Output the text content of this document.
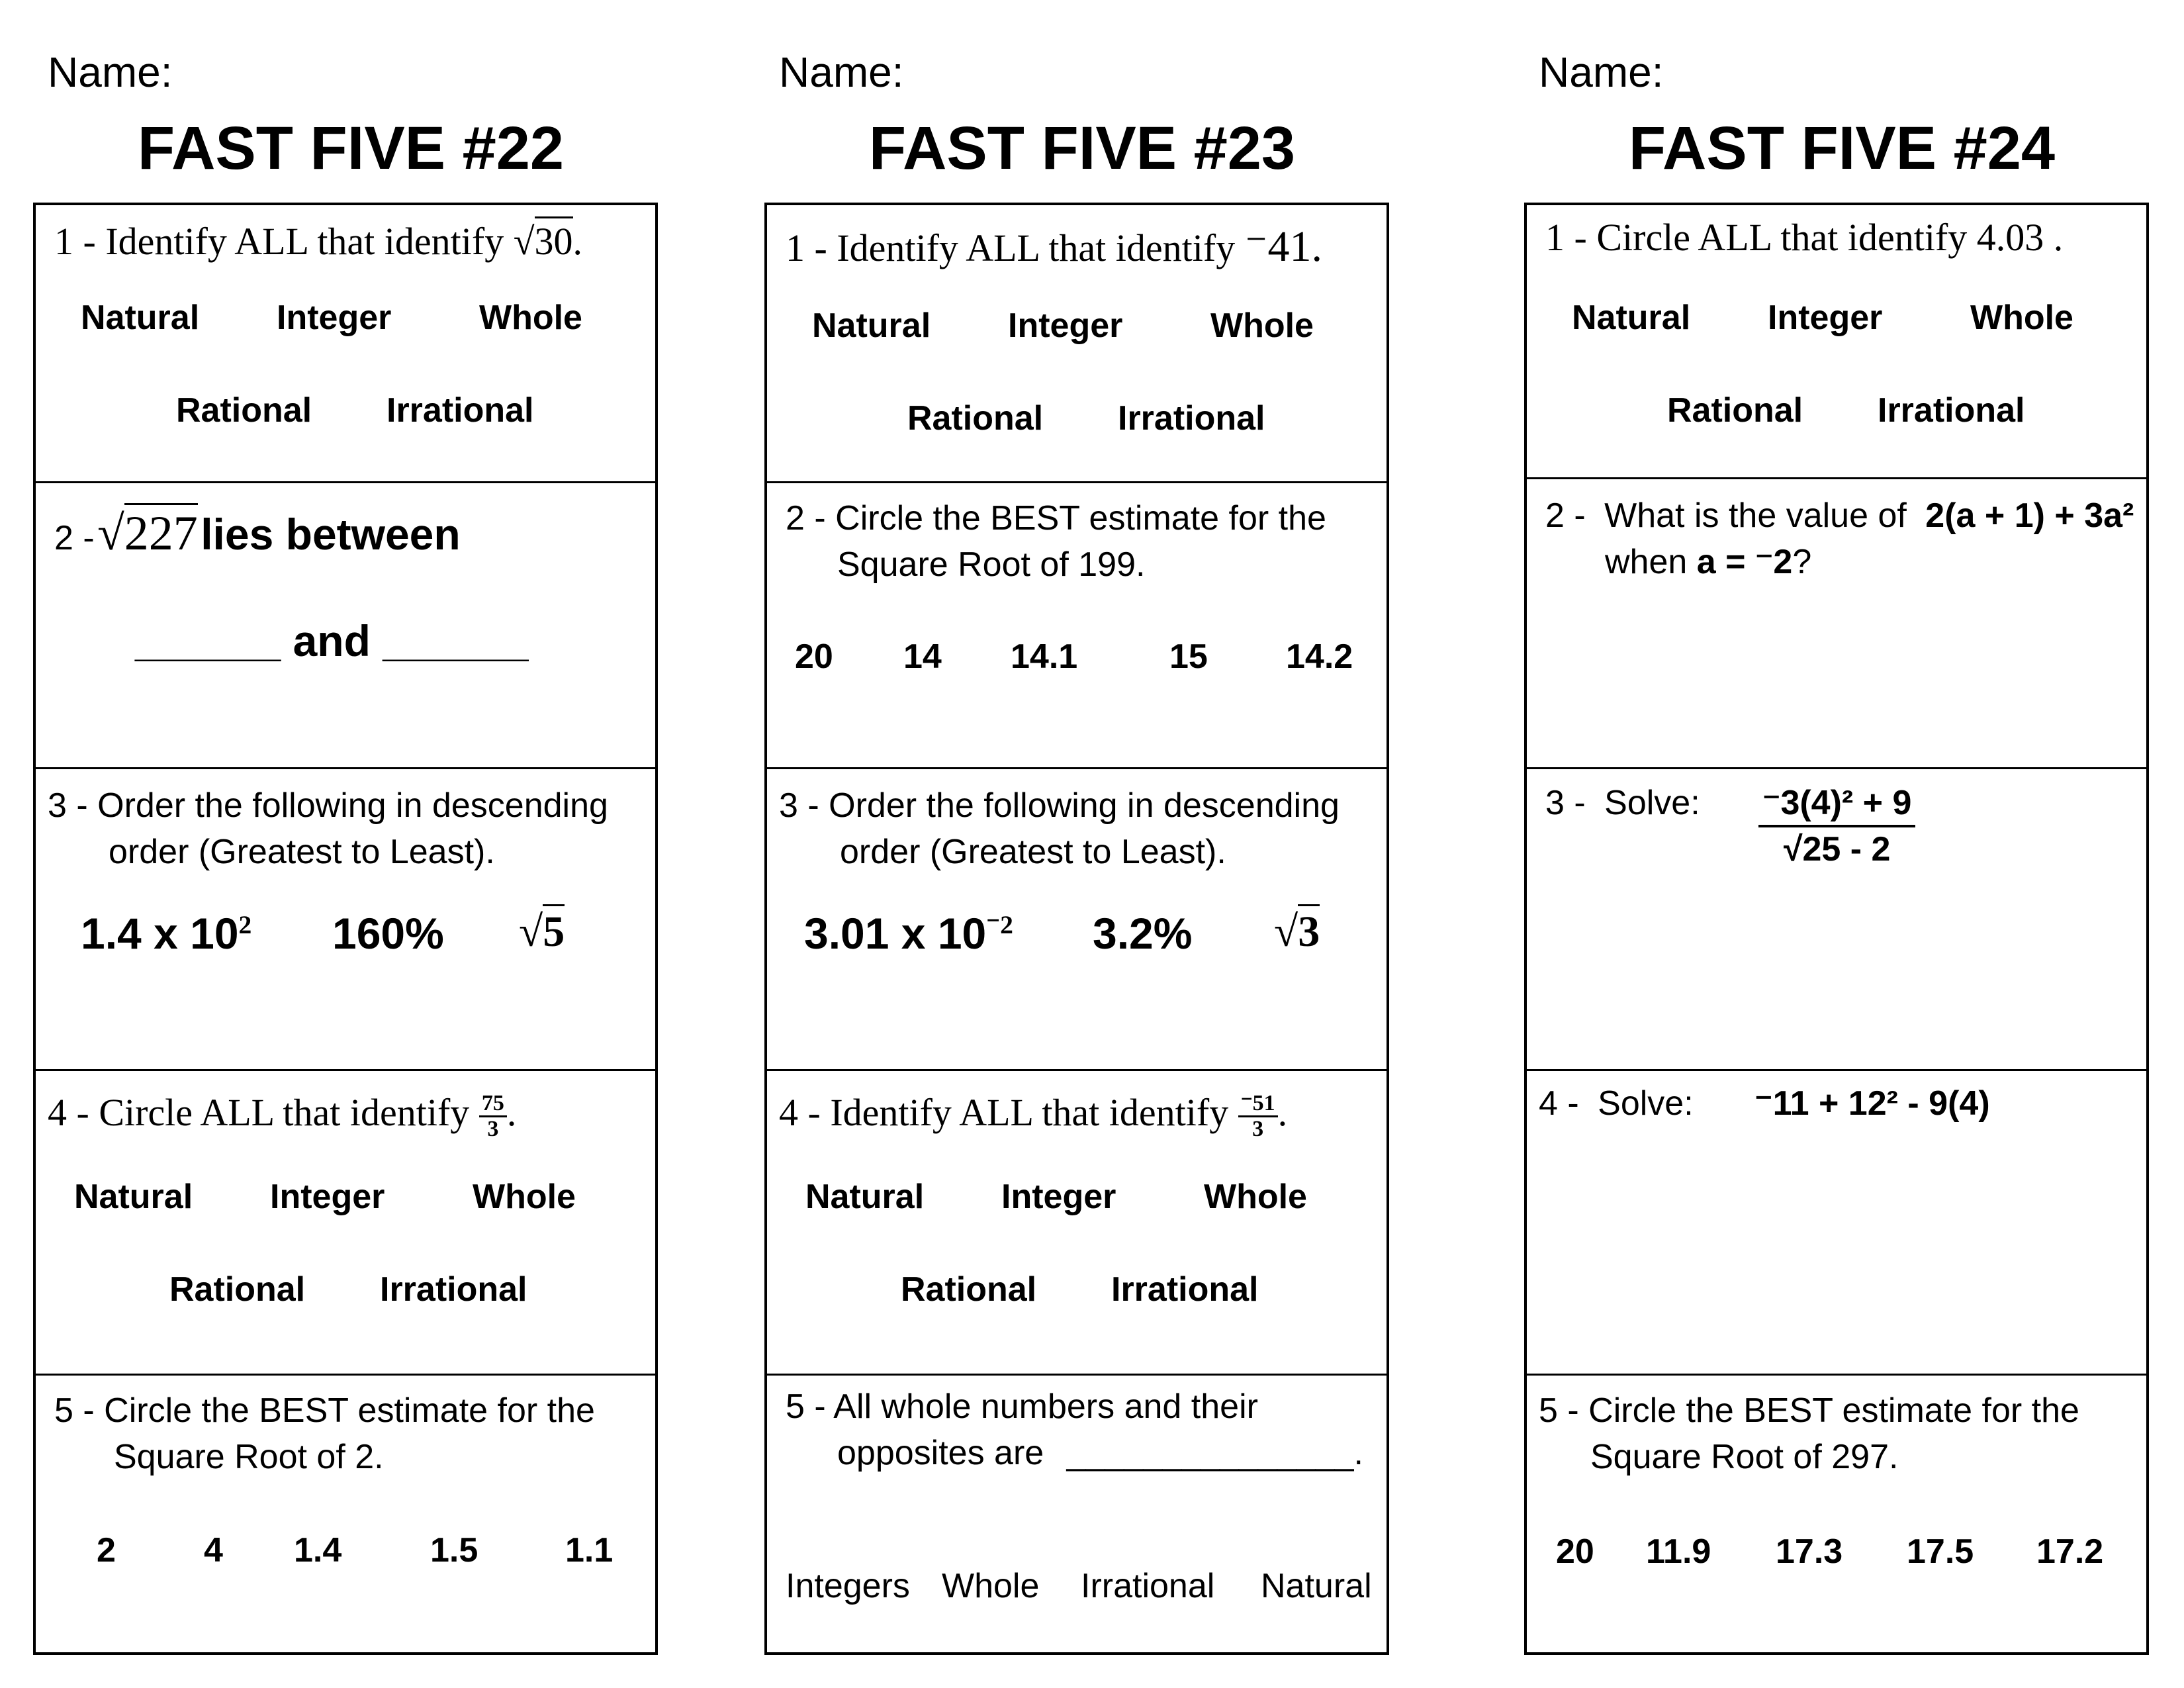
Name:
FAST FIVE #22
1 - Identify ALL that identify √30.
Natural Integer	Whole
Rational Irrational
2 - √227 lies between
______ and ______
3 - Order the following in descending
order (Greatest to Least).
1.4 x $10^2$ 160% √5
4 - Circle ALL that identify $\frac{75}{3}$ .
Natural Integer	Whole
Rational Irrational
5 - Circle the BEST estimate for the
Square Root of 2.
2	4 1.4	1.5	1.1
Name:
FAST FIVE #23
1 - Identify ALL that identify ⁻41.
Natural Integer	Whole
Rational Irrational
2 - Circle the BEST estimate for the
Square Root of 199.
20 14 14.1	15 14.2
3 - Order the following in descending
order (Greatest to Least).
3.01 x $10^{^-2}$ 3.2% √3
4 - Identify ALL that identify $\frac{^-51}{3}$ .
Natural Integer	Whole
Rational Irrational
5 - All whole numbers and their
opposites are _______________.
Integers Whole Irrational Natural
Name:
FAST FIVE #24
1 - Circle ALL that identify 4.03 .
Natural Integer	Whole
Rational Irrational
2 - What is the value of 2(a + 1) + 3a²
when a = ⁻2?
3 - Solve:	⁻3(4)² + 9
√25 - 2
4 - Solve: ⁻11 + 12² - 9(4)
5 - Circle the BEST estimate for the
Square Root of 297.
20 11.9 17.3 17.5 17.2
